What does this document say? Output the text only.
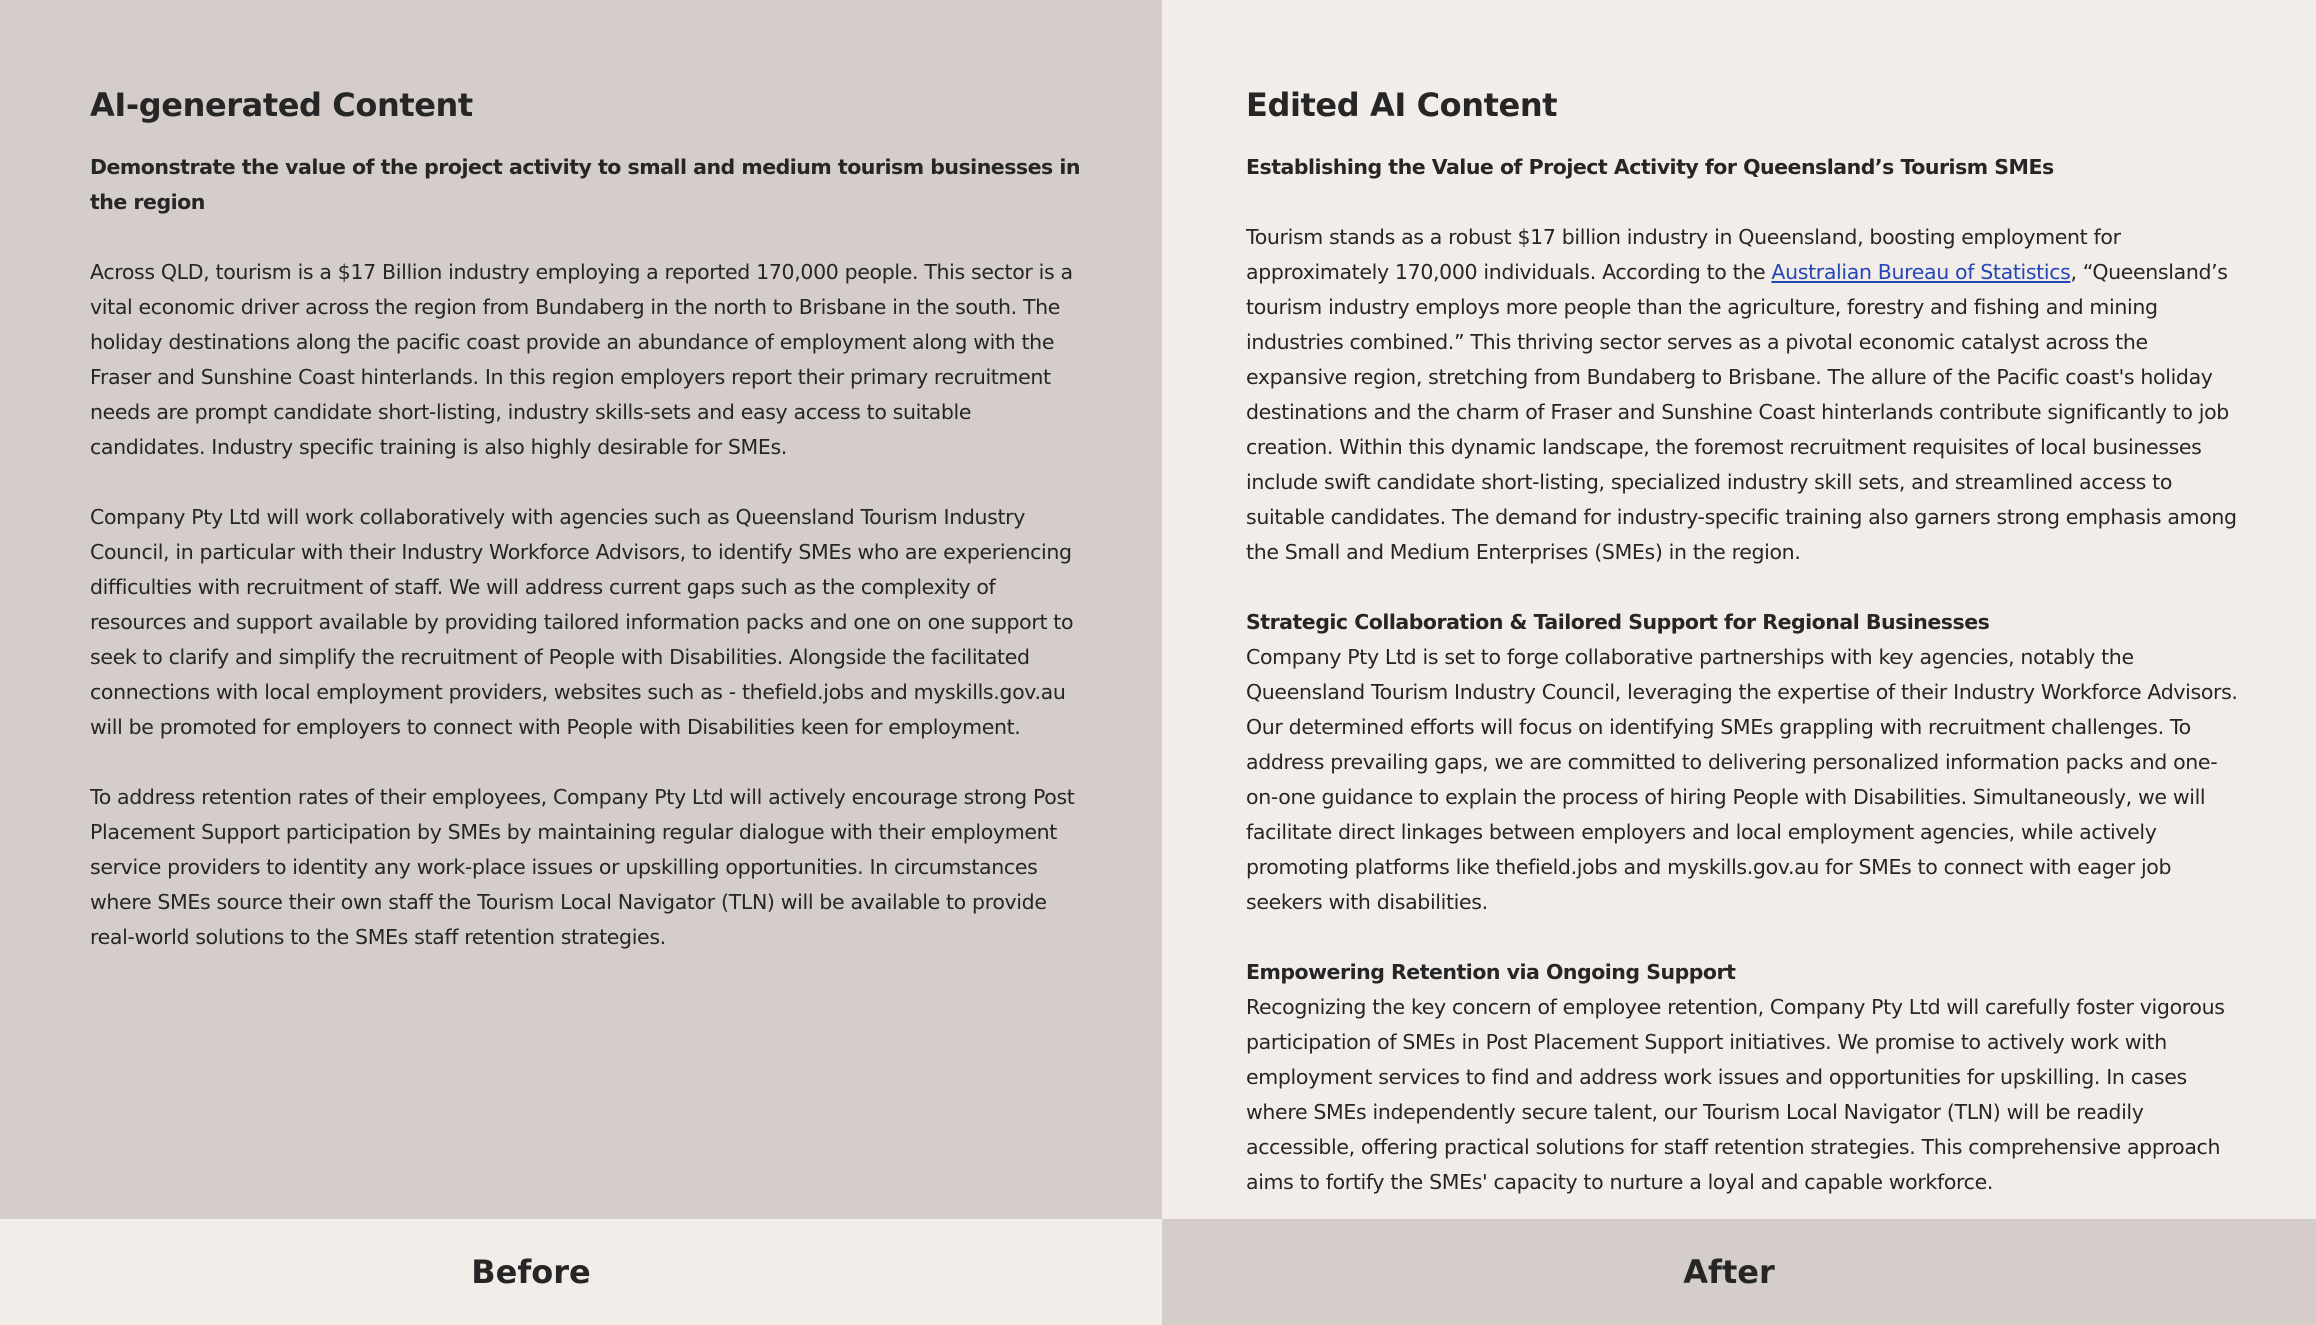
AI-generated Content

Demonstrate the value of the project activity to small and medium tourism businesses in the region

Across QLD, tourism is a $17 Billion industry employing a reported 170,000 people. This sector is a vital economic driver across the region from Bundaberg in the north to Brisbane in the south. The holiday destinations along the pacific coast provide an abundance of employment along with the Fraser and Sunshine Coast hinterlands. In this region employers report their primary recruitment needs are prompt candidate short-listing, industry skills-sets and easy access to suitable candidates. Industry specific training is also highly desirable for SMEs.

Company Pty Ltd will work collaboratively with agencies such as Queensland Tourism Industry Council, in particular with their Industry Workforce Advisors, to identify SMEs who are experiencing difficulties with recruitment of staff. We will address current gaps such as the complexity of resources and support available by providing tailored information packs and one on one support to seek to clarify and simplify the recruitment of People with Disabilities. Alongside the facilitated connections with local employment providers, websites such as - thefield.jobs and myskills.gov.au will be promoted for employers to connect with People with Disabilities keen for employment.

To address retention rates of their employees, Company Pty Ltd will actively encourage strong Post Placement Support participation by SMEs by maintaining regular dialogue with their employment service providers to identity any work-place issues or upskilling opportunities. In circumstances where SMEs source their own staff the Tourism Local Navigator (TLN) will be available to provide real-world solutions to the SMEs staff retention strategies.

Edited AI Content

Establishing the Value of Project Activity for Queensland’s Tourism SMEs

Tourism stands as a robust $17 billion industry in Queensland, boosting employment for approximately 170,000 individuals. According to the Australian Bureau of Statistics, “Queensland’s tourism industry employs more people than the agriculture, forestry and fishing and mining industries combined.” This thriving sector serves as a pivotal economic catalyst across the expansive region, stretching from Bundaberg to Brisbane. The allure of the Pacific coast's holiday destinations and the charm of Fraser and Sunshine Coast hinterlands contribute significantly to job creation. Within this dynamic landscape, the foremost recruitment requisites of local businesses include swift candidate short-listing, specialized industry skill sets, and streamlined access to suitable candidates. The demand for industry-specific training also garners strong emphasis among the Small and Medium Enterprises (SMEs) in the region.

Strategic Collaboration & Tailored Support for Regional Businesses

Company Pty Ltd is set to forge collaborative partnerships with key agencies, notably the Queensland Tourism Industry Council, leveraging the expertise of their Industry Workforce Advisors. Our determined efforts will focus on identifying SMEs grappling with recruitment challenges. To address prevailing gaps, we are committed to delivering personalized information packs and one-on-one guidance to explain the process of hiring People with Disabilities. Simultaneously, we will facilitate direct linkages between employers and local employment agencies, while actively promoting platforms like thefield.jobs and myskills.gov.au for SMEs to connect with eager job seekers with disabilities.

Empowering Retention via Ongoing Support

Recognizing the key concern of employee retention, Company Pty Ltd will carefully foster vigorous participation of SMEs in Post Placement Support initiatives. We promise to actively work with employment services to find and address work issues and opportunities for upskilling. In cases where SMEs independently secure talent, our Tourism Local Navigator (TLN) will be readily accessible, offering practical solutions for staff retention strategies. This comprehensive approach aims to fortify the SMEs' capacity to nurture a loyal and capable workforce.

Before	After
